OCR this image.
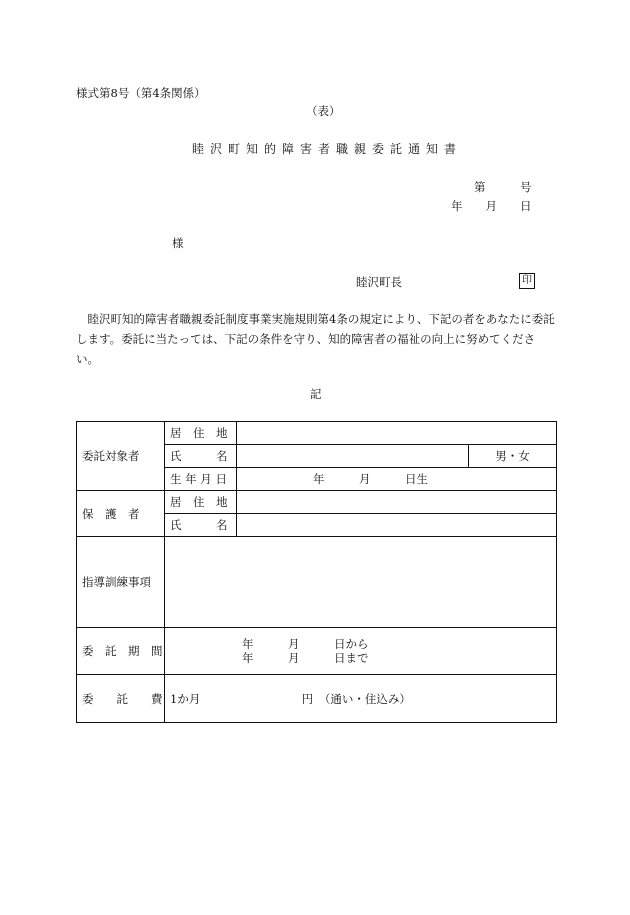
様式第8号（第4条関係）
（表）
睦沢町知的障害者職親委託通知書
第　　　号
年　　月　　日
様
睦沢町長	印
睦沢町知的障害者職親委託制度事業実施規則第4条の規定により、下記の者をあなたに委託します。委託に当たっては、下記の条件を守り、知的障害者の福祉の向上に努めてください。
記
委託対象者	居　住　地		
	氏　　　名		男・女
	生 年 月 日	年　　　月　　　日生	
保　護　者	居　住　地		
	氏　　　名		
指導訓練事項			
委　託　期　間	年　　　月　　　日から
年　　　月　　　日まで		

委　　託　　費	1か月 円　（通い・住込み）		
